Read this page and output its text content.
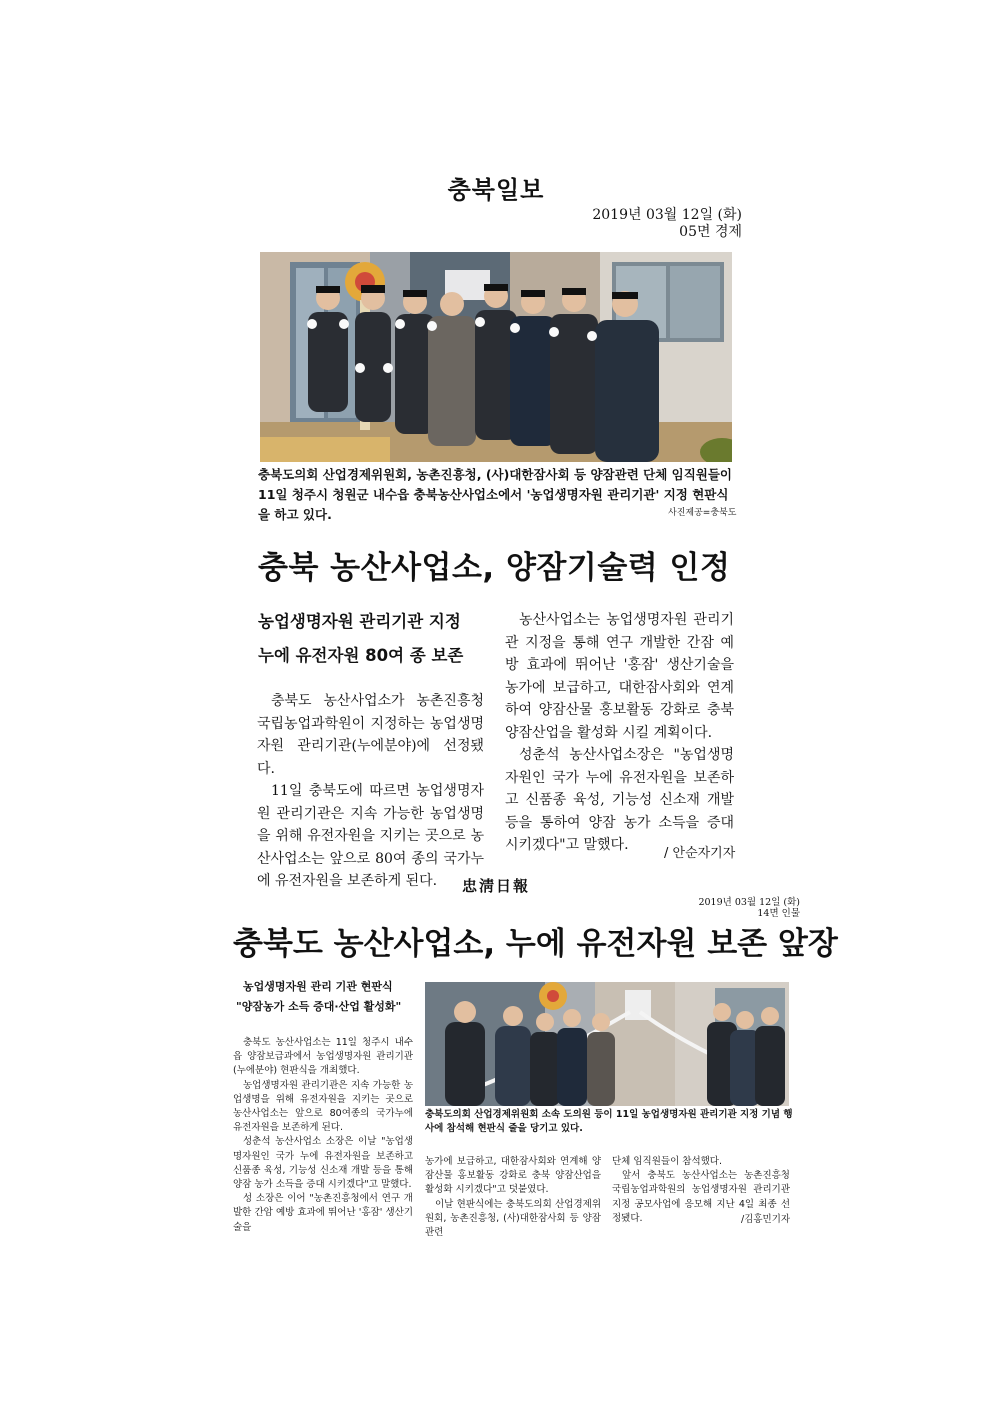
충북일보
2019년 03월 12일 (화)
05면 경제
충북도의회 산업경제위원회, 농촌진흥청, (사)대한잠사회 등 양잠관련 단체 임직원들이 11일 청주시 청원군 내수읍 충북농산사업소에서 '농업생명자원 관리기관' 지정 현판식을 하고 있다.	사진제공=충북도
충북 농산사업소, 양잠기술력 인정
농업생명자원 관리기관 지정
누에 유전자원 80여 종 보존

충북도 농산사업소가 농촌진흥청 국립농업과학원이 지정하는 농업생명자원 관리기관(누에분야)에 선정됐다.

11일 충북도에 따르면 농업생명자원 관리기관은 지속 가능한 농업생명을 위해 유전자원을 지키는 곳으로 농산사업소는 앞으로 80여 종의 국가누에 유전자원을 보존하게 된다.

농산사업소는 농업생명자원 관리기관 지정을 통해 연구 개발한 간잠 예방 효과에 뛰어난 '홍잠' 생산기술을 농가에 보급하고, 대한잠사회와 연계하여 양잠산물 홍보활동 강화로 충북 양잠산업을 활성화 시킬 계획이다.

성춘석 농산사업소장은 "농업생명자원인 국가 누에 유전자원을 보존하고 신품종 육성, 기능성 신소재 개발 등을 통하여 양잠 농가 소득을 증대 시키겠다"고 말했다.

/ 안순자기자
忠淸日報
2019년 03월 12일 (화)
14면 인물
충북도 농산사업소, 누에 유전자원 보존 앞장
농업생명자원 관리 기관 현판식
"양잠농가 소득 증대·산업 활성화"
충북도의회 산업경제위원회 소속 도의원 등이 11일 농업생명자원 관리기관 지정 기념 행사에 참석해 현판식 줄을 당기고 있다.

충북도 농산사업소는 11일 청주시 내수읍 양잠보급과에서 농업생명자원 관리기관(누에분야) 현판식을 개최했다.

농업생명자원 관리기관은 지속 가능한 농업생명을 위해 유전자원을 지키는 곳으로 농산사업소는 앞으로 80여종의 국가누에 유전자원을 보존하게 된다.

성춘석 농산사업소 소장은 이날 "농업생명자원인 국가 누에 유전자원을 보존하고 신품종 육성, 기능성 신소재 개발 등을 통해 양잠 농가 소득을 증대 시키겠다"고 말했다.

성 소장은 이어 "농촌진흥청에서 연구 개발한 간암 예방 효과에 뛰어난 '홍잠' 생산기술을

농가에 보급하고, 대한잠사회와 연계해 양잠산물 홍보활동 강화로 충북 양잠산업을 활성화 시키겠다"고 덧붙였다.

이날 현판식에는 충북도의회 산업경제위원회, 농촌진흥청, (사)대한잠사회 등 양잠관련

단체 임직원들이 참석했다.

앞서 충북도 농산사업소는 농촌진흥청 국립농업과학원의 농업생명자원 관리기관 지정 공모사업에 응모해 지난 4일 최종 선정됐다.	/김홍민기자
